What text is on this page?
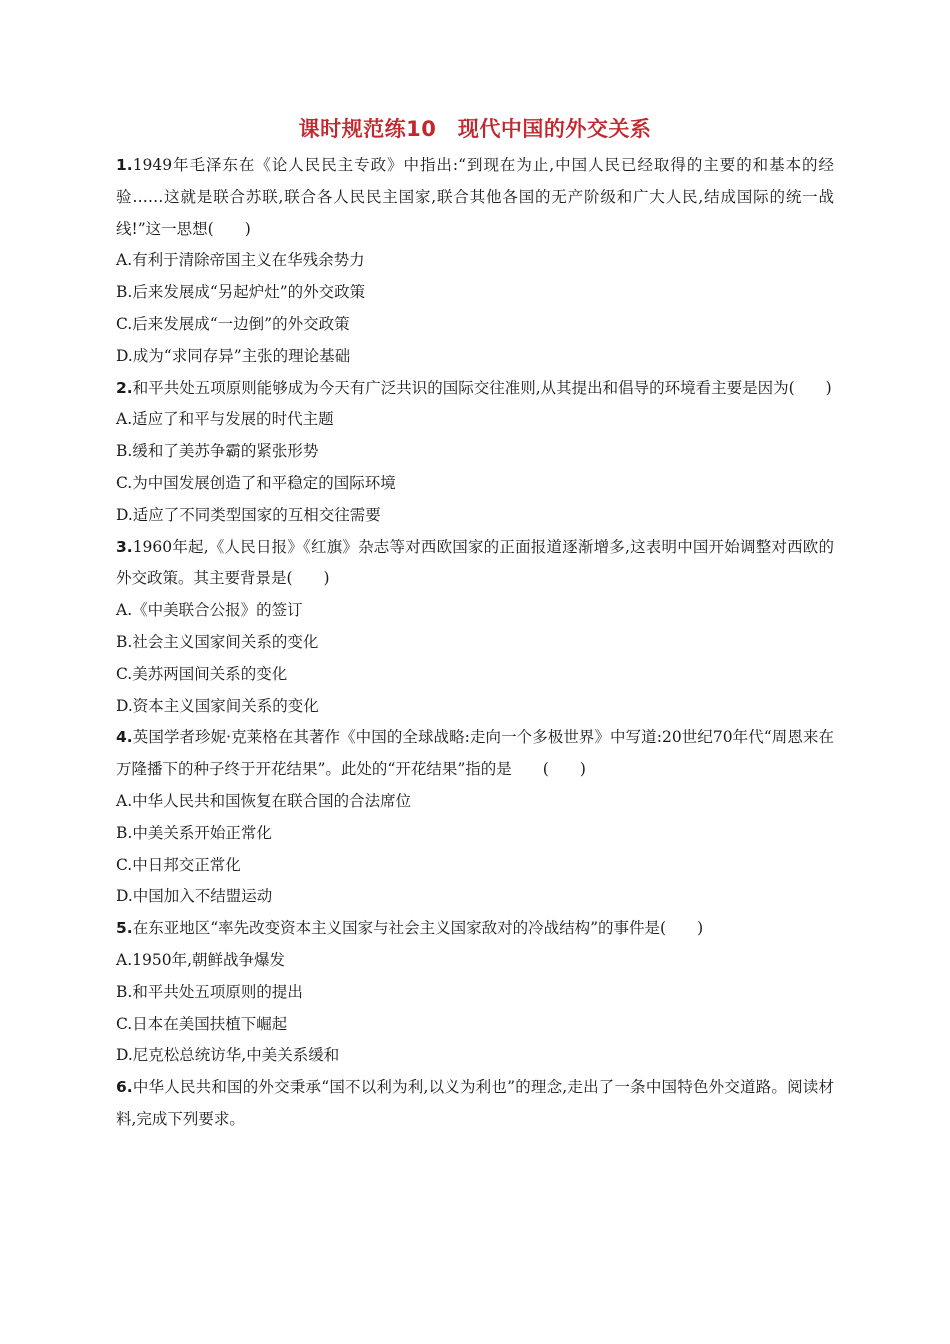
课时规范练10　现代中国的外交关系

1.1949年毛泽东在《论人民民主专政》中指出:“到现在为止,中国人民已经取得的主要的和基本的经验……这就是联合苏联,联合各人民民主国家,联合其他各国的无产阶级和广大人民,结成国际的统一战线!”这一思想(　　)

A.有利于清除帝国主义在华残余势力

B.后来发展成“另起炉灶”的外交政策

C.后来发展成“一边倒”的外交政策

D.成为“求同存异”主张的理论基础

2.和平共处五项原则能够成为今天有广泛共识的国际交往准则,从其提出和倡导的环境看主要是因为(　　)

A.适应了和平与发展的时代主题

B.缓和了美苏争霸的紧张形势

C.为中国发展创造了和平稳定的国际环境

D.适应了不同类型国家的互相交往需要

3.1960年起,《人民日报》《红旗》杂志等对西欧国家的正面报道逐渐增多,这表明中国开始调整对西欧的外交政策。其主要背景是(　　)

A.《中美联合公报》的签订

B.社会主义国家间关系的变化

C.美苏两国间关系的变化

D.资本主义国家间关系的变化

4.英国学者珍妮·克莱格在其著作《中国的全球战略:走向一个多极世界》中写道:20世纪70年代“周恩来在万隆播下的种子终于开花结果”。此处的“开花结果”指的是　　(　　)

A.中华人民共和国恢复在联合国的合法席位

B.中美关系开始正常化

C.中日邦交正常化

D.中国加入不结盟运动

5.在东亚地区“率先改变资本主义国家与社会主义国家敌对的冷战结构”的事件是(　　)

A.1950年,朝鲜战争爆发

B.和平共处五项原则的提出

C.日本在美国扶植下崛起

D.尼克松总统访华,中美关系缓和

6.中华人民共和国的外交秉承“国不以利为利,以义为利也”的理念,走出了一条中国特色外交道路。阅读材料,完成下列要求。
